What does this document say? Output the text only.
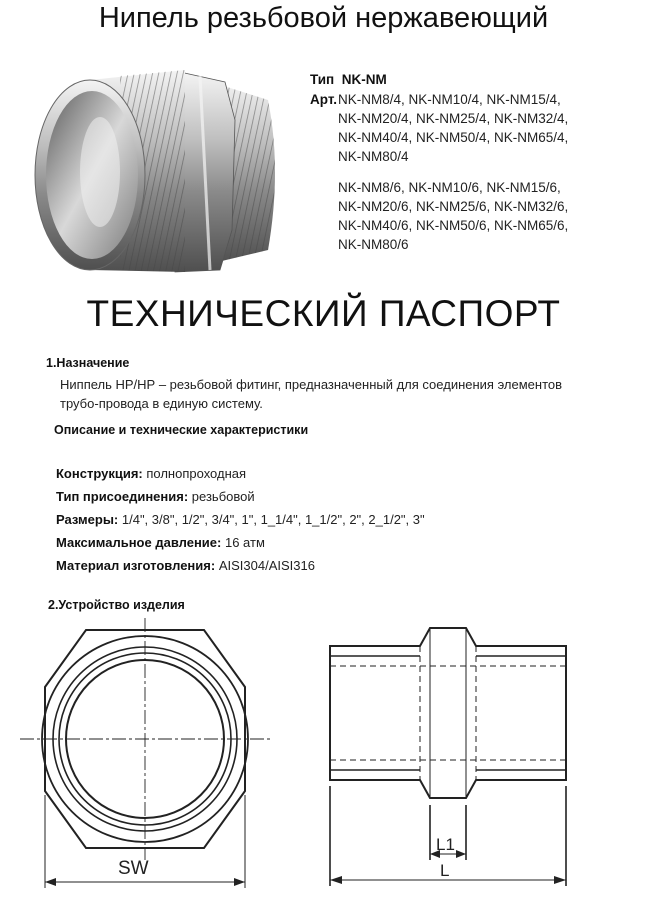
Нипель резьбовой нержавеющий
Тип NK-NM
Арт. NK-NM8/4, NK-NM10/4, NK-NM15/4,
NK-NM20/4, NK-NM25/4, NK-NM32/4,
NK-NM40/4, NK-NM50/4, NK-NM65/4,
NK-NM80/4
NK-NM8/6, NK-NM10/6, NK-NM15/6,
NK-NM20/6, NK-NM25/6, NK-NM32/6,
NK-NM40/6, NK-NM50/6, NK-NM65/6,
NK-NM80/6
ТЕХНИЧЕСКИЙ ПАСПОРТ
1.Назначение
Ниппель НР/НР – резьбовой фитинг, предназначенный для соединения элементов
трубо-провода в единую систему.
Описание и технические характеристики
Конструкция: полнопроходная
Тип присоединения: резьбовой
Размеры: 1/4", 3/8", 1/2", 3/4", 1", 1_1/4", 1_1/2", 2", 2_1/2", 3"
Максимальное давление: 16 атм
Материал изготовления: AISI304/AISI316
2.Устройство изделия
SW
L1
L
